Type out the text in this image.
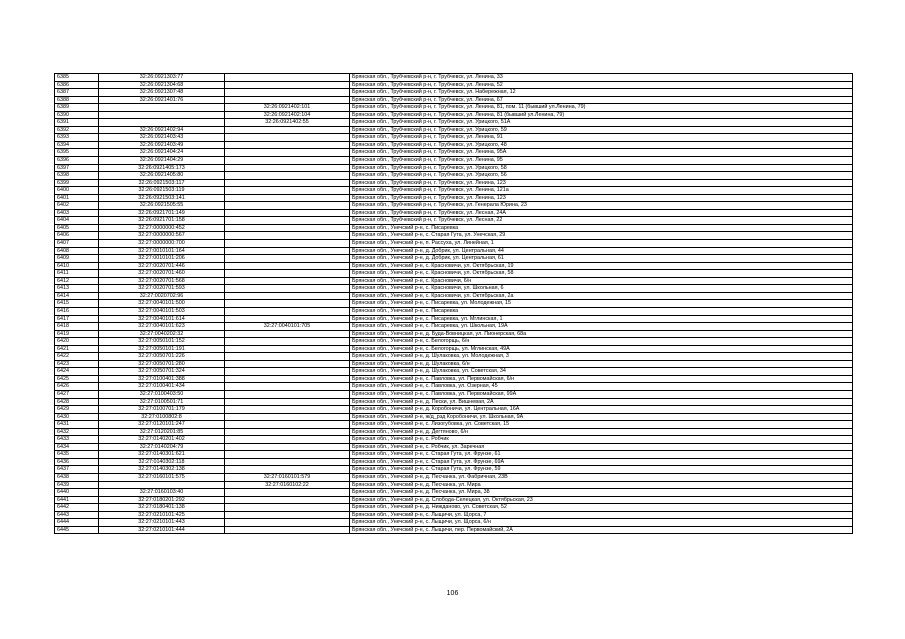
6385	32:26:0921303:77		Брянская обл., Трубчевский р-н, г. Трубчевск, ул. Ленина, 33
6386	32:26:0921304:68		Брянская обл., Трубчевский р-н, г. Трубчевск, ул. Ленина, 52
6387	32:26:0921307:48		Брянская обл., Трубчевский р-н, г. Трубчевск, ул. Набережная, 12
6388	32:26:0921401:76		Брянская обл., Трубчевский р-н, г. Трубчевск, ул. Ленина, 67
6389		32:26:0921402:101	Брянская обл., Трубчевский р-н, г. Трубчевск, ул. Ленина, 81, пом. 11 (бывший ул.Ленина, 79)
6390		32:26:0921402:104	Брянская обл., Трубчевский р-н, г. Трубчевск, ул. Ленина, 81 (бывший ул.Ленина, 79)
6391		32:26:0921402:55	Брянская обл., Трубчевский р-н, г. Трубчевск, ул. Урицкого, 51А
6392	32:26:0921402:94		Брянская обл., Трубчевский р-н, г. Трубчевск, ул. Урицкого, 59
6393	32:26:0921403:43		Брянская обл., Трубчевский р-н, г. Трубчевск, ул. Ленина, 91
6394	32:26:0921403:49		Брянская обл., Трубчевский р-н, г. Трубчевск, ул. Урицкого, 48
6395	32:26:0921404:24		Брянская обл., Трубчевский р-н, г. Трубчевск, ул. Ленина, 95А
6396	32:26:0921404:29		Брянская обл., Трубчевский р-н, г. Трубчевск, ул. Ленина, 95
6397	32:26:0921405:173		Брянская обл., Трубчевский р-н, г. Трубчевск, ул. Урицкого, 58
6398	32:26:0921405:80		Брянская обл., Трубчевский р-н, г. Трубчевск, ул. Урицкого, 56
6399	32:26:0921503:117		Брянская обл., Трубчевский р-н, г. Трубчевск, ул. Ленина, 123
6400	32:26:0921503:119		Брянская обл., Трубчевский р-н, г. Трубчевск, ул. Ленина, 121а
6401	32:26:0921503:141		Брянская обл., Трубчевский р-н, г. Трубчевск, ул. Ленина, 123
6402	32:26:0921505:55		Брянская обл., Трубчевский р-н, г. Трубчевск, ул. Генерала Юрина, 23
6403	32:26:0921701:149		Брянская обл., Трубчевский р-н, г. Трубчевск, ул. Лесная, 24А
6404	32:26:0921701:158		Брянская обл., Трубчевский р-н, г. Трубчевск, ул. Лесная, 22
6405	32:27:0000000:452		Брянская обл., Унечский р-н, с. Писаревка
6406	32:27:0000000:567		Брянская обл., Унечский р-н, с. Старая Гута, ул. Унечская, 29
6407	32:27:0000000:700		Брянская обл., Унечский р-н, п. Рассуха, ул. Линейная, 1
6408	32:27:0010101:164		Брянская обл., Унечский р-н, д. Добрик, ул. Центральная, 44
6409	32:27:0010101:206		Брянская обл., Унечский р-н, д. Добрик, ул. Центральная, 61
6410	32:27:0020701:446		Брянская обл., Унечский р-н, с. Красновичи, ул. Октябрьская, 19
6411	32:27:0020701:460		Брянская обл., Унечский р-н, с. Красновичи, ул. Октябрьская, 58
6412	32:27:0020701:568		Брянская обл., Унечский р-н, с. Красновичи, 6/н
6413	32:27:0020701:593		Брянская обл., Унечский р-н, с. Красновичи, ул. Школьная, 6
6414	32:27:0020702:96		Брянская обл., Унечский р-н, с. Красновичи, ул. Октябрьская, 2а
6415	32:27:0040101:500		Брянская обл., Унечский р-н, с. Писаревка, ул. Молодежная, 15
6416	32:27:0040101:503		Брянская обл., Унечский р-н, с. Писаревка
6417	32:27:0040101:614		Брянская обл., Унечский р-н, с. Писаревка, ул. Мглинская, 1
6418	32:27:0040101:623	32:27:0040101:705	Брянская обл., Унечский р-н, с. Писаревка, ул. Школьная, 19А
6419	32:27:0040202:32		Брянская обл., Унечский р-н, д. Буда-Вовницкая, ул. Пионерская, 68а
6420	32:27:0050101:152		Брянская обл., Унечский р-н, с. Белогорщь, 6/н
6421	32:27:0050101:191		Брянская обл., Унечский р-н, с. Белогорщь, ул. Мглинская, 49А
6422	32:27:0050701:226		Брянская обл., Унечский р-н, д. Шулаковка, ул. Молодежная, 3
6423	32:27:0050701:280		Брянская обл., Унечский р-н, д. Шулаковка, 6/н
6424	32:27:0050701:324		Брянская обл., Унечский р-н, д. Шулаковка, ул. Советская, 34
6425	32:27:0100401:388		Брянская обл., Унечский р-н, с. Павловка, ул. Первомайская, 6/н
6426	32:27:0100401:434		Брянская обл., Унечский р-н, с. Павловка, ул. Озерная, 45
6427	32:27:0100403:50		Брянская обл., Унечский р-н, с. Павловка, ул. Первомайская, 99А
6428	32:27:0100501:71		Брянская обл., Унечский р-н, д. Пески, ул. Вишневая, 2А
6429	32:27:0100701:179		Брянская обл., Унечский р-н, д. Коробоничи, ул. Центральная, 16А
6430	32:27:0100802:8		Брянская обл., Унечский р-н, ж/д_рзд Коробоничи, ул. Школьная, 9А
6431	32:27:0120101:247		Брянская обл., Унечский р-н, с. Лизогубовка, ул. Советская, 15
6432	32:27:0120201:85		Брянская обл., Унечский р-н, д. Дегтяново, 6/н
6433	32:27:0140201:402		Брянская обл., Унечский р-н, с. Робчик
6434	32:27:0140204:79		Брянская обл., Унечский р-н, с. Робчик, ул. Заречная
6435	32:27:0140301:621		Брянская обл., Унечский р-н, с. Старая Гута, ул. Фрунзе, 61
6436	32:27:0140302:118		Брянская обл., Унечский р-н, с. Старая Гута, ул. Фрунзе, 69А
6437	32:27:0140302:138		Брянская обл., Унечский р-н, с. Старая Гута, ул. Фрунзе, 59
6438	32:27:0160101:575	32:27:0160101:579	Брянская обл., Унечский р-н, д. Песчанка, ул. Фабричная, 23В
6439		32:27:0160102:22	Брянская обл., Унечский р-н, д. Песчанка, ул. Мира
6440	32:27:0160103:40		Брянская обл., Унечский р-н, д. Песчанка, ул. Мира, 38
6441	32:27:0180201:292		Брянская обл., Унечский р-н, д. Слобода-Селецкая, ул. Октябрьская, 23
6442	32:27:0180401:138		Брянская обл., Унечский р-н, д. Нижданово, ул. Советская, 52
6443	32:27:0210101:425		Брянская обл., Унечский р-н, с. Лыщичи, ул. Щорса, 7
6444	32:27:0210101:443		Брянская обл., Унечский р-н, с. Лыщичи, ул. Щорса, 6/н
6445	32:27:0210101:444		Брянская обл., Унечский р-н, с. Лыщичи, пер. Первомайский, 2А
106
